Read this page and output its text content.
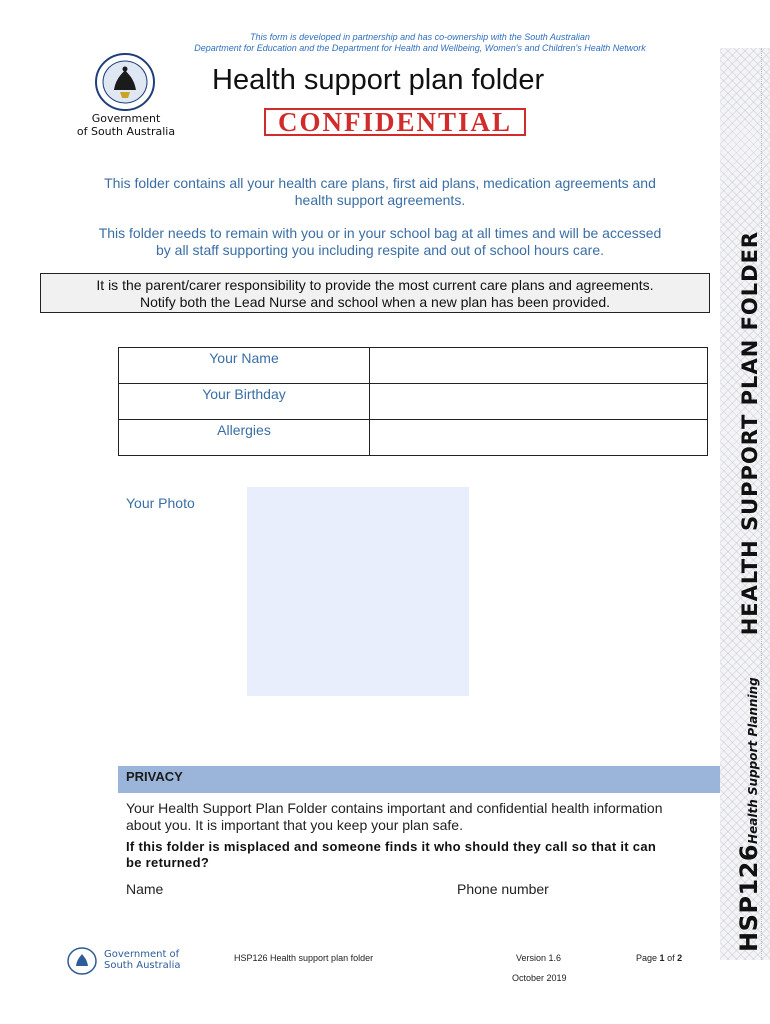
This form is developed in partnership and has co-ownership with the South Australian
Department for Education and the Department for Health and Wellbeing, Women's and Children's Health Network
Government
of South Australia
Health support plan folder
CONFIDENTIAL
This folder contains all your health care plans, first aid plans, medication agreements and
health support agreements.
This folder needs to remain with you or in your school bag at all times and will be accessed
by all staff supporting you including respite and out of school hours care.
It is the parent/carer responsibility to provide the most current care plans and agreements.
Notify both the Lead Nurse and school when a new plan has been provided.
Your Name	
Your Birthday	
Allergies	
Your Photo
PRIVACY
Your Health Support Plan Folder contains important and confidential health information
about you. It is important that you keep your plan safe.
If this folder is misplaced and someone finds it who should they call so that it can
be returned?
Name	Phone number	HSP126Health Support PlanningHEALTH SUPPORT PLAN FOLDER
Government of
South Australia
HSP126 Health support plan folder	Version 1.6
October 2019
Page 1 of 2
